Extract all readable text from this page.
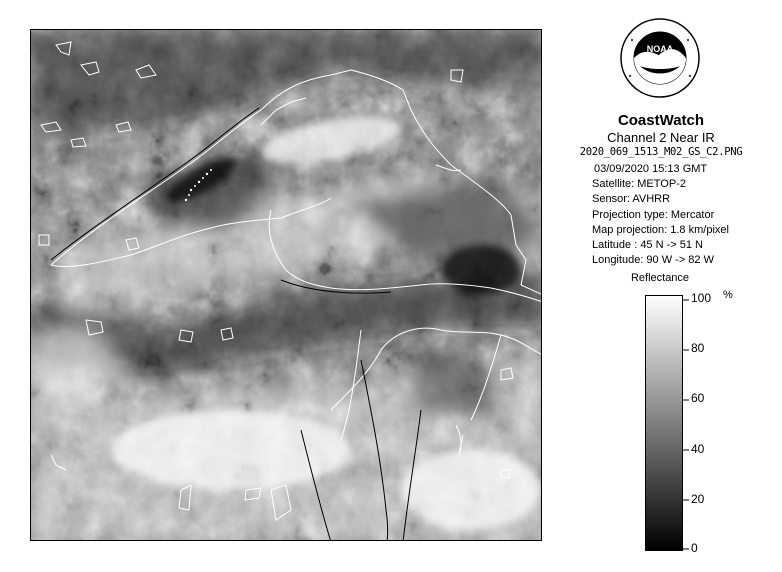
NOAA
CoastWatch
Channel 2 Near IR
2020_069_1513_M02_GS_C2.PNG
03/09/2020 15:13 GMT
Satellite: METOP-2
Sensor: AVHRR
Projection type: Mercator
Map projection: 1.8 km/pixel
Latitude : 45 N -> 51 N
Longitude: 90 W -> 82 W
Reflectance
%
100
80
60
40
20
0
